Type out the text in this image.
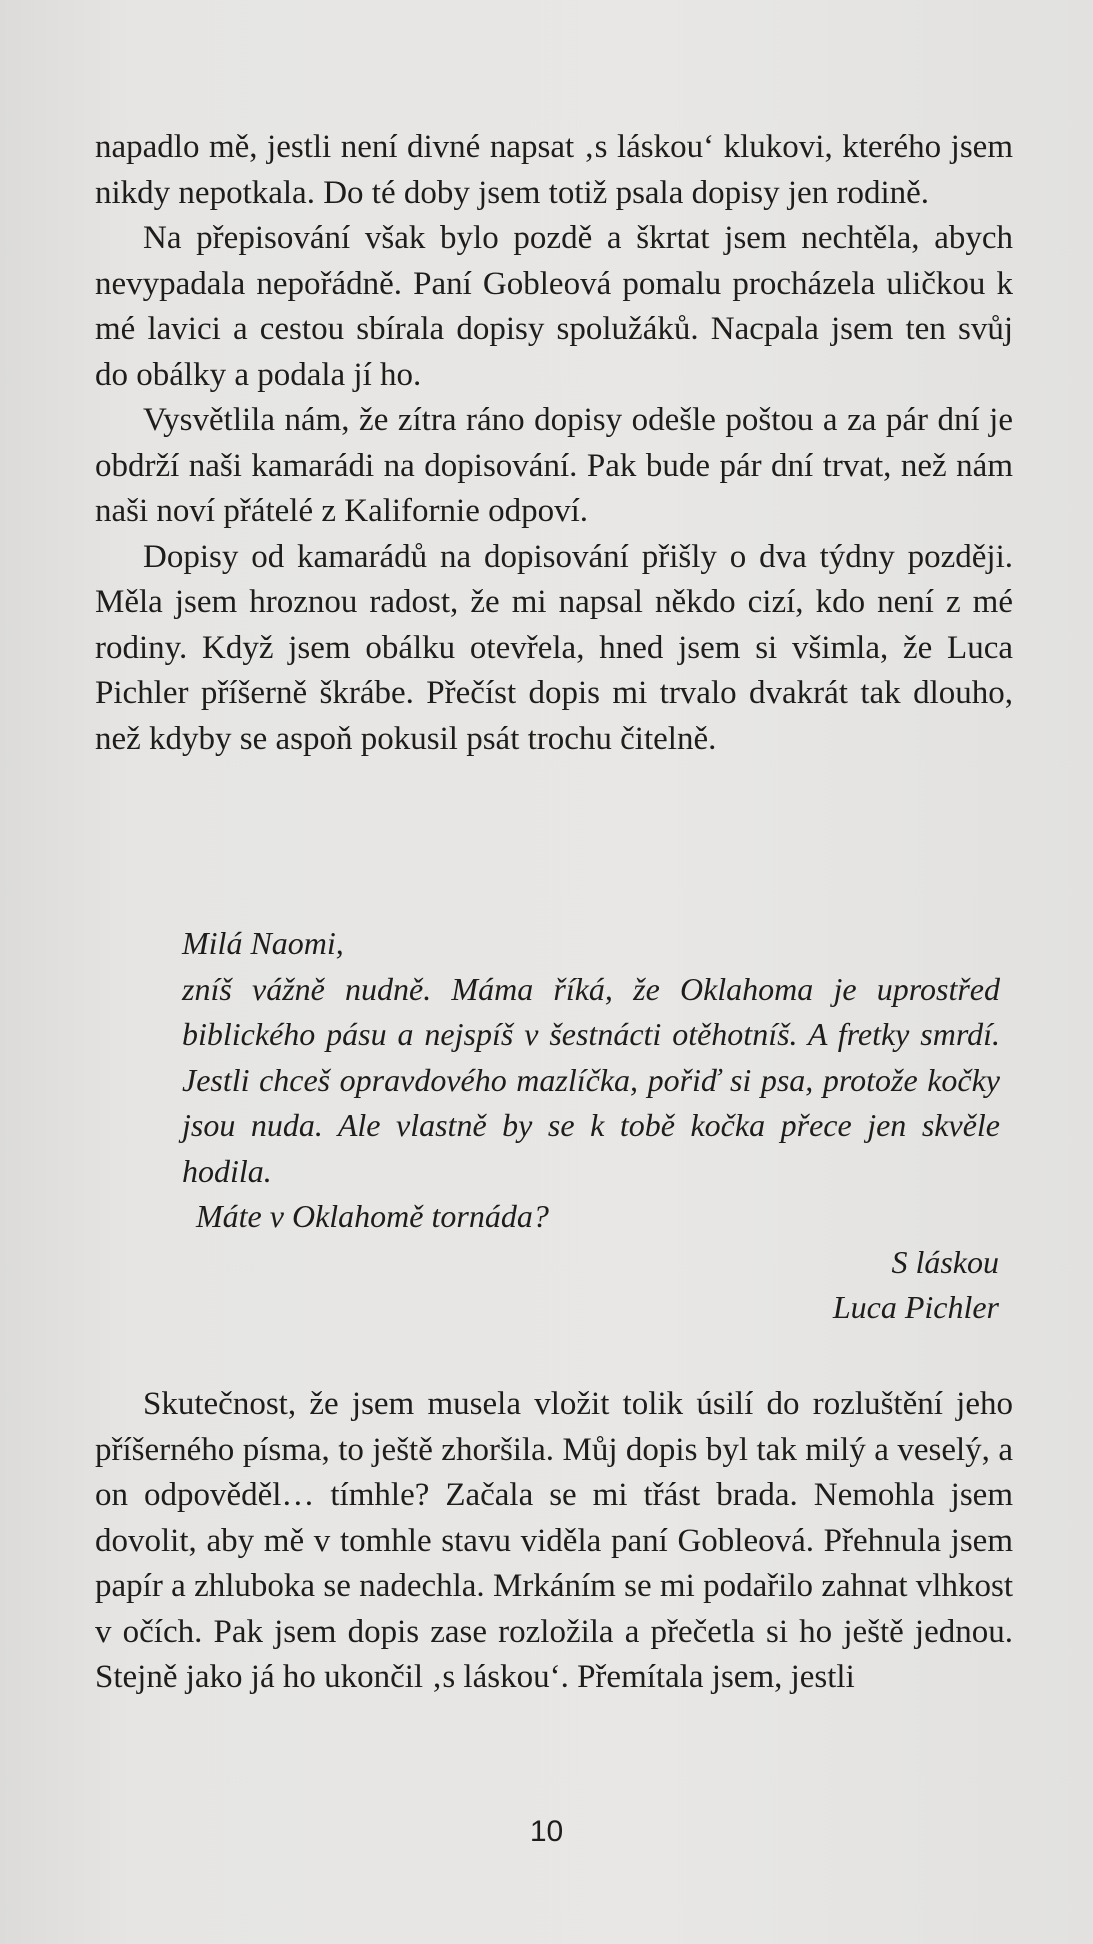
napadlo mě, jestli není divné napsat ‚s láskou‘ klukovi, kterého jsem nikdy nepotkala. Do té doby jsem totiž psala dopisy jen rodině.

Na přepisování však bylo pozdě a škrtat jsem nechtěla, abych nevypadala nepořádně. Paní Gobleová pomalu procházela uličkou k mé lavici a cestou sbírala dopisy spolužáků. Nacpala jsem ten svůj do obálky a podala jí ho.

Vysvětlila nám, že zítra ráno dopisy odešle poštou a za pár dní je obdrží naši kamarádi na dopisování. Pak bude pár dní trvat, než nám naši noví přátelé z Kalifornie odpoví.

Dopisy od kamarádů na dopisování přišly o dva týdny později. Měla jsem hroznou radost, že mi napsal někdo cizí, kdo není z mé rodiny. Když jsem obálku otevřela, hned jsem si všimla, že Luca Pichler příšerně škrábe. Přečíst dopis mi trvalo dvakrát tak dlouho, než kdyby se aspoň pokusil psát trochu čitelně.

Milá Naomi,

zníš vážně nudně. Máma říká, že Oklahoma je uprostřed biblického pásu a nejspíš v šestnácti otěhotníš. A fretky smrdí. Jestli chceš opravdového mazlíčka, pořiď si psa, protože kočky jsou nuda. Ale vlastně by se k tobě kočka přece jen skvěle hodila.

Máte v Oklahomě tornáda?

S láskou

Luca Pichler

Skutečnost, že jsem musela vložit tolik úsilí do rozluštění jeho příšerného písma, to ještě zhoršila. Můj dopis byl tak milý a veselý, a on odpověděl… tímhle? Začala se mi třást brada. Nemohla jsem dovolit, aby mě v tomhle stavu viděla paní Gobleová. Přehnula jsem papír a zhluboka se nadechla. Mrkáním se mi podařilo zahnat vlhkost v očích. Pak jsem dopis zase rozložila a přečetla si ho ještě jednou. Stejně jako já ho ukončil ‚s láskou‘. Přemítala jsem, jestli

10
